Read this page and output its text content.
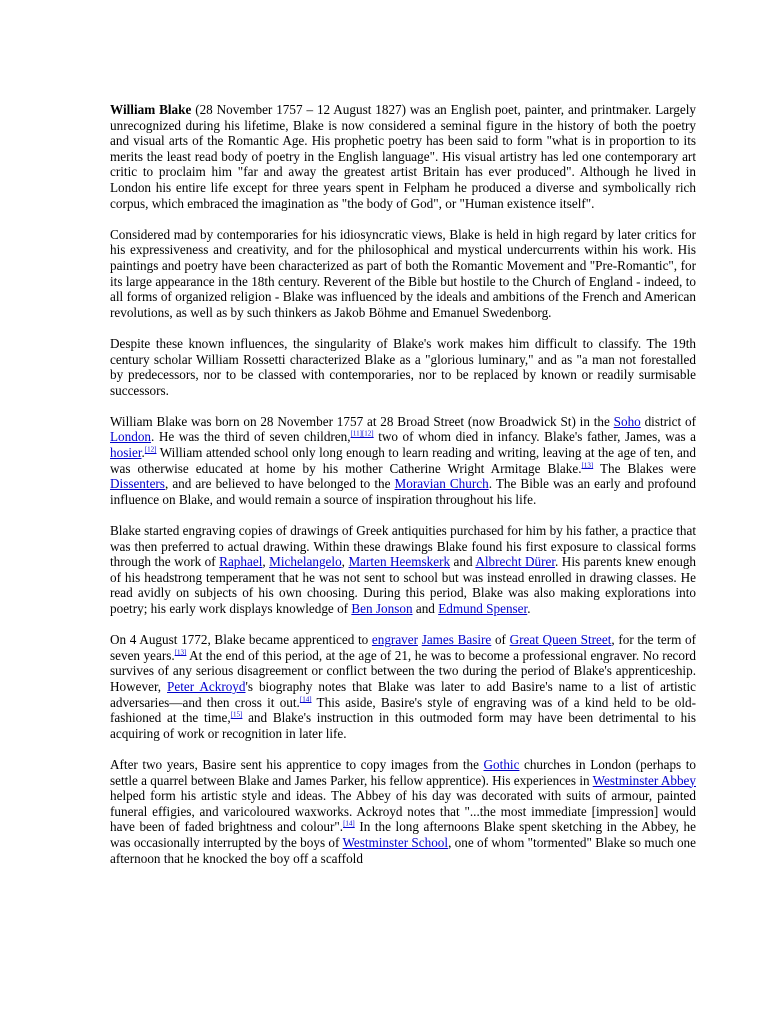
William Blake (28 November 1757 – 12 August 1827) was an English poet, painter, and printmaker. Largely unrecognized during his lifetime, Blake is now considered a seminal figure in the history of both the poetry and visual arts of the Romantic Age. His prophetic poetry has been said to form "what is in proportion to its merits the least read body of poetry in the English language". His visual artistry has led one contemporary art critic to proclaim him "far and away the greatest artist Britain has ever produced". Although he lived in London his entire life except for three years spent in Felpham he produced a diverse and symbolically rich corpus, which embraced the imagination as "the body of God", or "Human existence itself".

Considered mad by contemporaries for his idiosyncratic views, Blake is held in high regard by later critics for his expressiveness and creativity, and for the philosophical and mystical undercurrents within his work. His paintings and poetry have been characterized as part of both the Romantic Movement and "Pre-Romantic", for its large appearance in the 18th century. Reverent of the Bible but hostile to the Church of England - indeed, to all forms of organized religion - Blake was influenced by the ideals and ambitions of the French and American revolutions, as well as by such thinkers as Jakob Böhme and Emanuel Swedenborg.

Despite these known influences, the singularity of Blake's work makes him difficult to classify. The 19th century scholar William Rossetti characterized Blake as a "glorious luminary," and as "a man not forestalled by predecessors, nor to be classed with contemporaries, nor to be replaced by known or readily surmisable successors.

William Blake was born on 28 November 1757 at 28 Broad Street (now Broadwick St) in the Soho district of London. He was the third of seven children,[11][12] two of whom died in infancy. Blake's father, James, was a hosier.[12] William attended school only long enough to learn reading and writing, leaving at the age of ten, and was otherwise educated at home by his mother Catherine Wright Armitage Blake.[13] The Blakes were Dissenters, and are believed to have belonged to the Moravian Church. The Bible was an early and profound influence on Blake, and would remain a source of inspiration throughout his life.

Blake started engraving copies of drawings of Greek antiquities purchased for him by his father, a practice that was then preferred to actual drawing. Within these drawings Blake found his first exposure to classical forms through the work of Raphael, Michelangelo, Marten Heemskerk and Albrecht Dürer. His parents knew enough of his headstrong temperament that he was not sent to school but was instead enrolled in drawing classes. He read avidly on subjects of his own choosing. During this period, Blake was also making explorations into poetry; his early work displays knowledge of Ben Jonson and Edmund Spenser.

On 4 August 1772, Blake became apprenticed to engraver James Basire of Great Queen Street, for the term of seven years.[13] At the end of this period, at the age of 21, he was to become a professional engraver. No record survives of any serious disagreement or conflict between the two during the period of Blake's apprenticeship. However, Peter Ackroyd's biography notes that Blake was later to add Basire's name to a list of artistic adversaries—and then cross it out.[14] This aside, Basire's style of engraving was of a kind held to be old-fashioned at the time,[15] and Blake's instruction in this outmoded form may have been detrimental to his acquiring of work or recognition in later life.

After two years, Basire sent his apprentice to copy images from the Gothic churches in London (perhaps to settle a quarrel between Blake and James Parker, his fellow apprentice). His experiences in Westminster Abbey helped form his artistic style and ideas. The Abbey of his day was decorated with suits of armour, painted funeral effigies, and varicoloured waxworks. Ackroyd notes that "...the most immediate [impression] would have been of faded brightness and colour".[14] In the long afternoons Blake spent sketching in the Abbey, he was occasionally interrupted by the boys of Westminster School, one of whom "tormented" Blake so much one afternoon that he knocked the boy off a scaffold
